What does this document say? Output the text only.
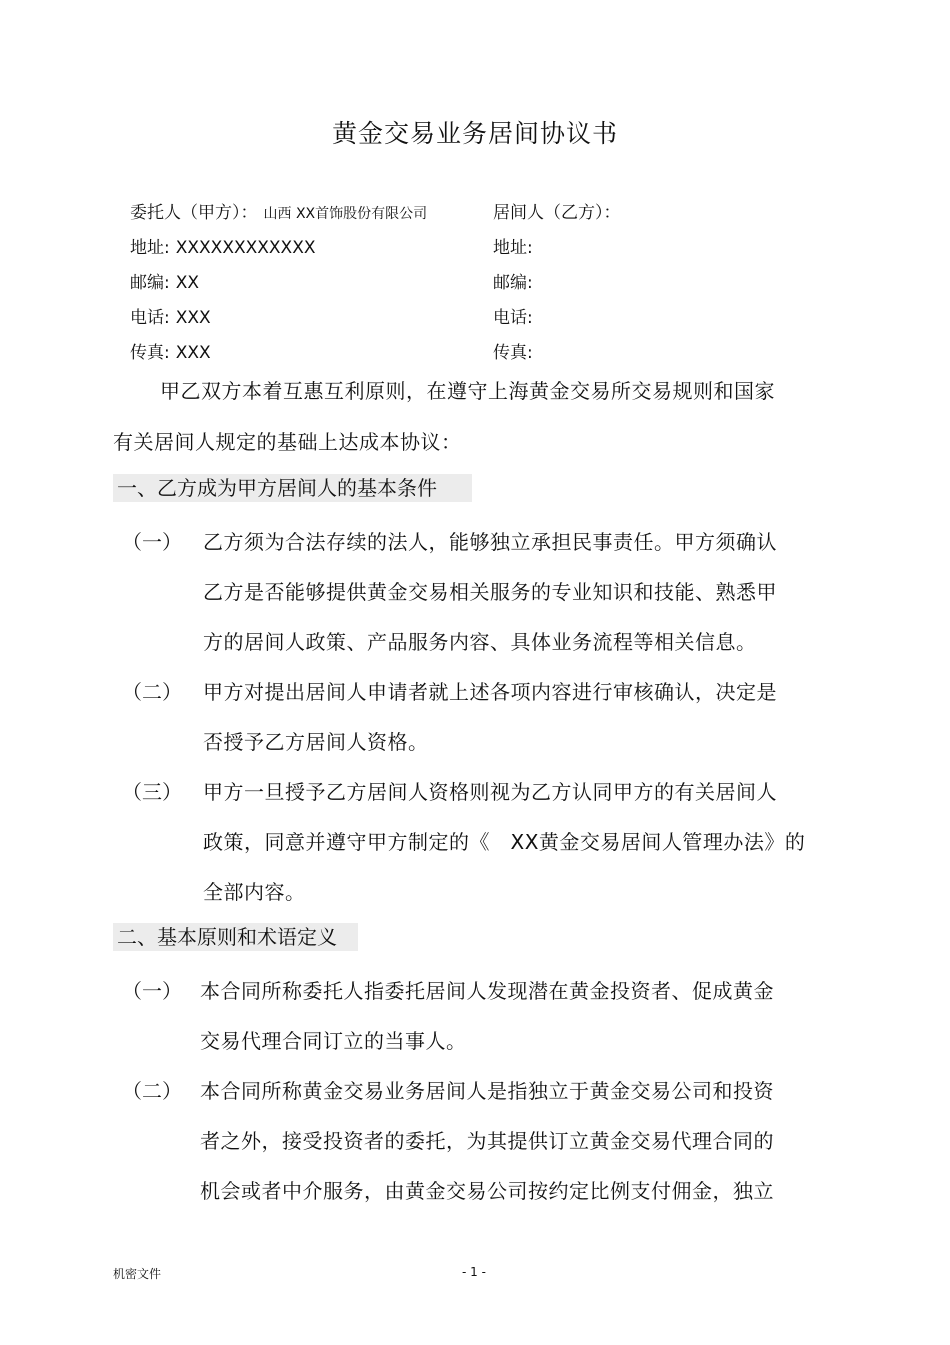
黄金交易业务居间协议书
委托人（甲方）： 山西 XX首饰股份有限公司
地址: XXXXXXXXXXXX
邮编: XX
电话: XXX
传真: XXX
居间人（乙方）：
地址:
邮编:
电话:
传真:
甲乙双方本着互惠互利原则，在遵守上海黄金交易所交易规则和国家
有关居间人规定的基础上达成本协议：
一、乙方成为甲方居间人的基本条件
（一） 乙方须为合法存续的法人，能够独立承担民事责任。甲方须确认
乙方是否能够提供黄金交易相关服务的专业知识和技能、熟悉甲
方的居间人政策、产品服务内容、具体业务流程等相关信息。
（二） 甲方对提出居间人申请者就上述各项内容进行审核确认，决定是
否授予乙方居间人资格。
（三） 甲方一旦授予乙方居间人资格则视为乙方认同甲方的有关居间人
政策，同意并遵守甲方制定的《　XX黄金交易居间人管理办法》的
全部内容。
二、基本原则和术语定义
（一） 本合同所称委托人指委托居间人发现潜在黄金投资者、促成黄金
交易代理合同订立的当事人。
（二） 本合同所称黄金交易业务居间人是指独立于黄金交易公司和投资
者之外，接受投资者的委托，为其提供订立黄金交易代理合同的
机会或者中介服务，由黄金交易公司按约定比例支付佣金，独立
机密文件	- 1 -
